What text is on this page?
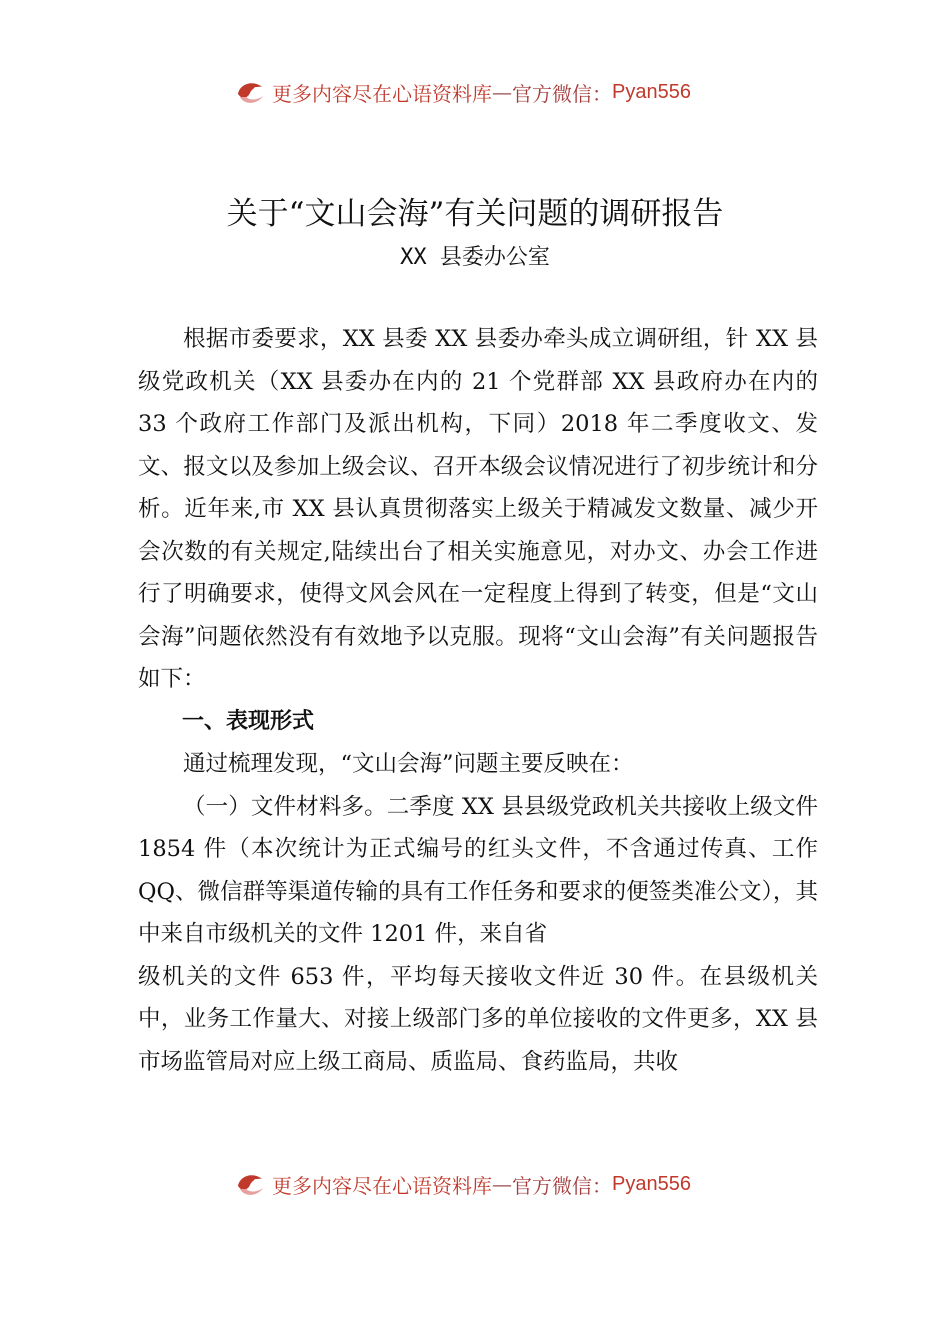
更多内容尽在心语资料库 — 官方微信： Pyan556
关于“文山会海”有关问题的调研报告
XX 县委办公室

根据市委要求，XX 县委 XX 县委办牵头成立调研组，针 XX 县级党政机关（XX 县委办在内的 21 个党群部 XX 县政府办在内的 33 个政府工作部门及派出机构，下同）2018 年二季度收文、发文、报文以及参加上级会议、召开本级会议情况进行了初步统计和分析。近年来,市 XX 县认真贯彻落实上级关于精减发文数量、减少开会次数的有关规定,陆续出台了相关实施意见，对办文、办会工作进行了明确要求，使得文风会风在一定程度上得到了转变，但是“文山会海”问题依然没有有效地予以克服。现将“文山会海”有关问题报告如下：

一、表现形式

通过梳理发现，“文山会海”问题主要反映在：

（一）文件材料多。二季度 XX 县县级党政机关共接收上级文件 1854 件（本次统计为正式编号的红头文件，不含通过传真、工作 QQ、微信群等渠道传输的具有工作任务和要求的便签类准公文），其中来自市级机关的文件 1201 件，来自省

级机关的文件 653 件，平均每天接收文件近 30 件。在县级机关中，业务工作量大、对接上级部门多的单位接收的文件更多，XX 县市场监管局对应上级工商局、质监局、食药监局，共收

更多内容尽在心语资料库 — 官方微信： Pyan556
